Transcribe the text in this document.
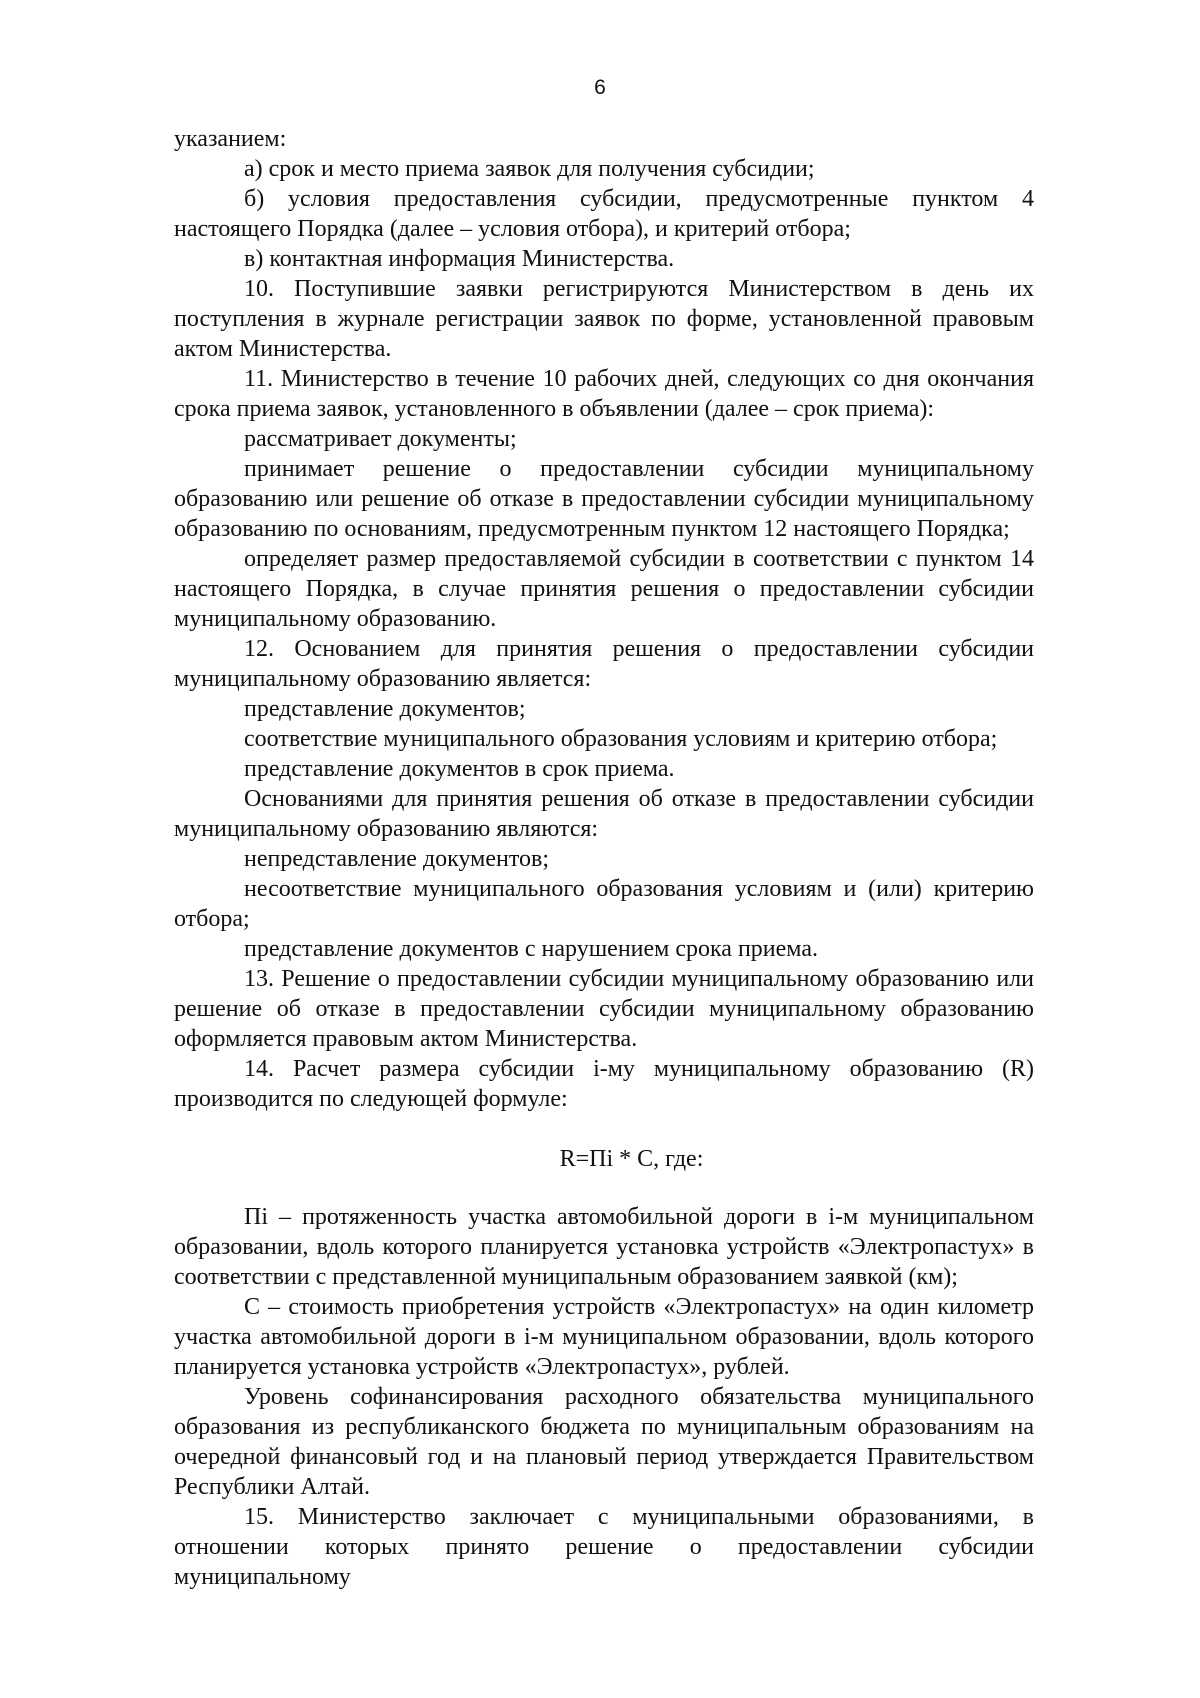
6

указанием:

а) срок и место приема заявок для получения субсидии;

б) условия предоставления субсидии, предусмотренные пунктом 4 настоящего Порядка (далее – условия отбора), и критерий отбора;

в) контактная информация Министерства.

10. Поступившие заявки регистрируются Министерством в день их поступления в журнале регистрации заявок по форме, установленной правовым актом Министерства.

11. Министерство в течение 10 рабочих дней, следующих со дня окончания срока приема заявок, установленного в объявлении (далее – срок приема):

рассматривает документы;

принимает решение о предоставлении субсидии муниципальному образованию или решение об отказе в предоставлении субсидии муниципальному образованию по основаниям, предусмотренным пунктом 12 настоящего Порядка;

определяет размер предоставляемой субсидии в соответствии с пунктом 14 настоящего Порядка, в случае принятия решения о предоставлении субсидии муниципальному образованию.

12. Основанием для принятия решения о предоставлении субсидии муниципальному образованию является:

представление документов;

соответствие муниципального образования условиям и критерию отбора;

представление документов в срок приема.

Основаниями для принятия решения об отказе в предоставлении субсидии муниципальному образованию являются:

непредставление документов;

несоответствие муниципального образования условиям и (или) критерию отбора;

представление документов с нарушением срока приема.

13. Решение о предоставлении субсидии муниципальному образованию или решение об отказе в предоставлении субсидии муниципальному образованию оформляется правовым актом Министерства.

14. Расчет размера субсидии i-му муниципальному образованию (R) производится по следующей формуле:

R=Пi * С, где:

Пi – протяженность участка автомобильной дороги в i-м муниципальном образовании, вдоль которого планируется установка устройств «Электропастух» в соответствии с представленной муниципальным образованием заявкой (км);

С – стоимость приобретения устройств «Электропастух» на один километр участка автомобильной дороги в i-м муниципальном образовании, вдоль которого планируется установка устройств «Электропастух», рублей.

Уровень софинансирования расходного обязательства муниципального образования из республиканского бюджета по муниципальным образованиям на очередной финансовый год и на плановый период утверждается Правительством Республики Алтай.

15. Министерство заключает с муниципальными образованиями, в отношении которых принято решение о предоставлении субсидии муниципальному
